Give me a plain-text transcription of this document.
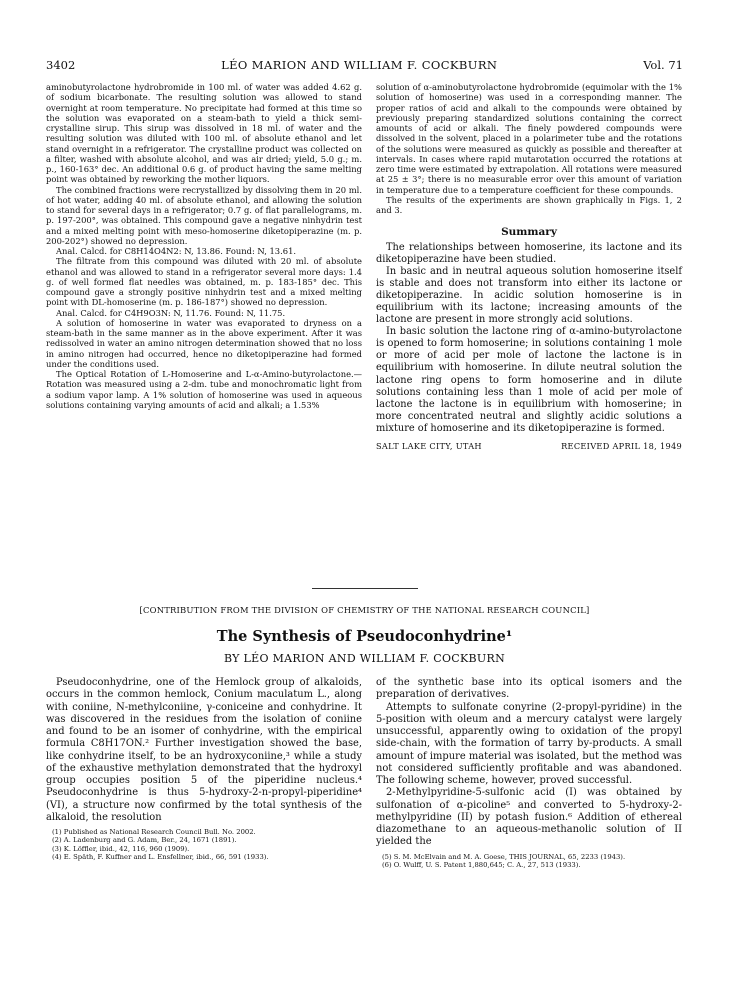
3402	LÉO MARION AND WILLIAM F. COCKBURN	Vol. 71

aminobutyrolactone hydrobromide in 100 ml. of water was added 4.62 g. of sodium bicarbonate. The resulting solution was allowed to stand overnight at room temperature. No precipitate had formed at this time so the solution was evaporated on a steam-bath to yield a thick semi-crystalline sirup. This sirup was dissolved in 18 ml. of water and the resulting solution was diluted with 100 ml. of absolute ethanol and let stand overnight in a refrigerator. The crystalline product was collected on a filter, washed with absolute alcohol, and was air dried; yield, 5.0 g.; m. p., 160-163° dec. An additional 0.6 g. of product having the same melting point was obtained by reworking the mother liquors.

The combined fractions were recrystallized by dissolving them in 20 ml. of hot water, adding 40 ml. of absolute ethanol, and allowing the solution to stand for several days in a refrigerator; 0.7 g. of flat parallelograms, m. p. 197-200°, was obtained. This compound gave a negative ninhydrin test and a mixed melting point with meso-homoserine diketopiperazine (m. p. 200-202°) showed no depression.

Anal. Calcd. for C8H14O4N2: N, 13.86. Found: N, 13.61.

The filtrate from this compound was diluted with 20 ml. of absolute ethanol and was allowed to stand in a refrigerator several more days: 1.4 g. of well formed flat needles was obtained, m. p. 183-185° dec. This compound gave a strongly positive ninhydrin test and a mixed melting point with DL-homoserine (m. p. 186-187°) showed no depression.

Anal. Calcd. for C4H9O3N: N, 11.76. Found: N, 11.75.

A solution of homoserine in water was evaporated to dryness on a steam-bath in the same manner as in the above experiment. After it was redissolved in water an amino nitrogen determination showed that no loss in amino nitrogen had occurred, hence no diketopiperazine had formed under the conditions used.

The Optical Rotation of L-Homoserine and L-α-Amino-butyrolactone.—Rotation was measured using a 2-dm. tube and monochromatic light from a sodium vapor lamp. A 1% solution of homoserine was used in aqueous solutions containing varying amounts of acid and alkali; a 1.53%

solution of α-aminobutyrolactone hydrobromide (equimolar with the 1% solution of homoserine) was used in a corresponding manner. The proper ratios of acid and alkali to the compounds were obtained by previously preparing standardized solutions containing the correct amounts of acid or alkali. The finely powdered compounds were dissolved in the solvent, placed in a polarimeter tube and the rotations of the solutions were measured as quickly as possible and thereafter at intervals. In cases where rapid mutarotation occurred the rotations at zero time were estimated by extrapolation. All rotations were measured at 25 ± 3°; there is no measurable error over this amount of variation in temperature due to a temperature coefficient for these compounds.

The results of the experiments are shown graphically in Figs. 1, 2 and 3.

Summary

The relationships between homoserine, its lactone and its diketopiperazine have been studied.

In basic and in neutral aqueous solution homoserine itself is stable and does not transform into either its lactone or diketopiperazine. In acidic solution homoserine is in equilibrium with its lactone; increasing amounts of the lactone are present in more strongly acid solutions.

In basic solution the lactone ring of α-amino-butyrolactone is opened to form homoserine; in solutions containing 1 mole or more of acid per mole of lactone the lactone is in equilibrium with homoserine. In dilute neutral solution the lactone ring opens to form homoserine and in dilute solutions containing less than 1 mole of acid per mole of lactone the lactone is in equilibrium with homoserine; in more concentrated neutral and slightly acidic solutions a mixture of homoserine and its diketopiperazine is formed.

SALT LAKE CITY, UTAH	RECEIVED APRIL 18, 1949
[CONTRIBUTION FROM THE DIVISION OF CHEMISTRY OF THE NATIONAL RESEARCH COUNCIL]
The Synthesis of Pseudoconhydrine¹
BY LÉO MARION AND WILLIAM F. COCKBURN

Pseudoconhydrine, one of the Hemlock group of alkaloids, occurs in the common hemlock, Conium maculatum L., along with coniine, N-methylconiine, γ-coniceine and conhydrine. It was discovered in the residues from the isolation of coniine and found to be an isomer of conhydrine, with the empirical formula C8H17ON.² Further investigation showed the base, like conhydrine itself, to be an hydroxyconiine,³ while a study of the exhaustive methylation demonstrated that the hydroxyl group occupies position 5 of the piperidine nucleus.⁴ Pseudoconhydrine is thus 5-hydroxy-2-n-propyl-piperidine⁴ (VI), a structure now confirmed by the total synthesis of the alkaloid, the resolution

(1) Published as National Research Council Bull. No. 2002.
(2) A. Ladenburg and G. Adam, Ber., 24, 1671 (1891).
(3) K. Löffler, ibid., 42, 116, 960 (1909).
(4) E. Späth, F. Kuffner and L. Ensfellner, ibid., 66, 591 (1933).

of the synthetic base into its optical isomers and the preparation of derivatives.

Attempts to sulfonate conyrine (2-propyl-pyridine) in the 5-position with oleum and a mercury catalyst were largely unsuccessful, apparently owing to oxidation of the propyl side-chain, with the formation of tarry by-products. A small amount of impure material was isolated, but the method was not considered sufficiently profitable and was abandoned. The following scheme, however, proved successful.

2-Methylpyridine-5-sulfonic acid (I) was obtained by sulfonation of α-picoline⁵ and converted to 5-hydroxy-2-methylpyridine (II) by potash fusion.⁶ Addition of ethereal diazomethane to an aqueous-methanolic solution of II yielded the

(5) S. M. McElvain and M. A. Goese, THIS JOURNAL, 65, 2233 (1943).
(6) O. Wulff, U. S. Patent 1,880,645; C. A., 27, 513 (1933).
